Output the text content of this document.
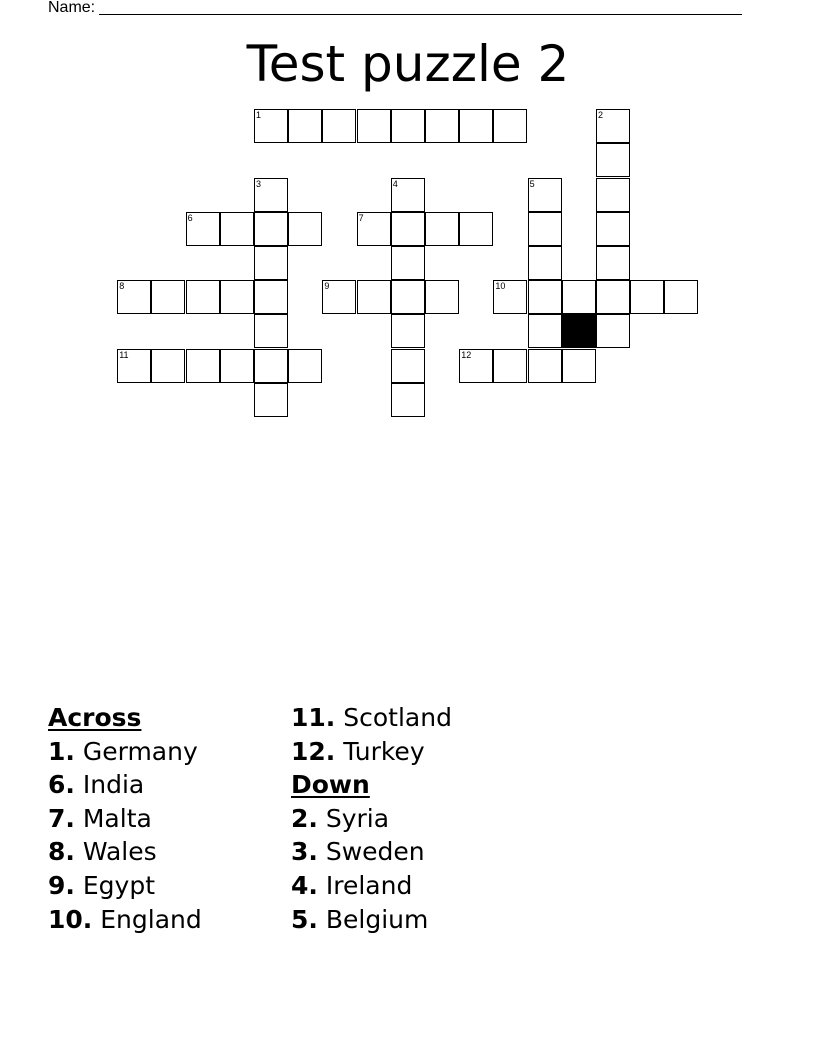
Name:
Test puzzle 2
1	2
3	4	5
6	7
8	9	10
11	12
Across
1. Germany
6. India
7. Malta
8. Wales
9. Egypt
10. England
11. Scotland
12. Turkey
Down
2. Syria
3. Sweden
4. Ireland
5. Belgium
